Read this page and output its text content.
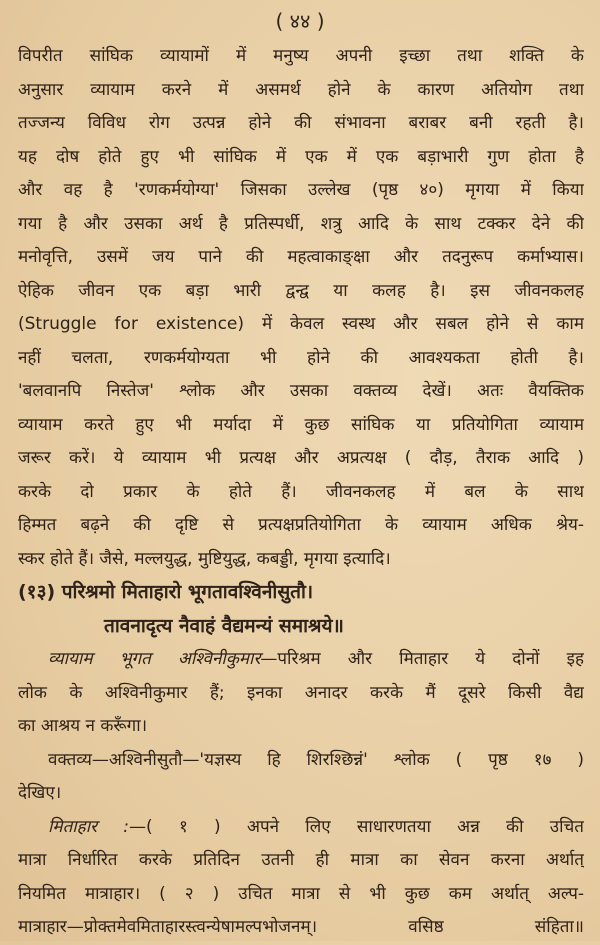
( ४४ )
विपरीत सांघिक व्यायामों में मनुष्य अपनी इच्छा तथा शक्ति के
अनुसार व्यायाम करने में असमर्थ होने के कारण अतियोग तथा
तज्जन्य विविध रोग उत्पन्न होने की संभावना बराबर बनी रहती है।
यह दोष होते हुए भी सांघिक में एक में एक बड़ाभारी गुण होता है
और वह है 'रणकर्मयोग्या' जिसका उल्लेख (पृष्ठ ४०) मृगया में किया
गया है और उसका अर्थ है प्रतिस्पर्धी, शत्रु आदि के साथ टक्कर देने की
मनोवृत्ति, उसमें जय पाने की महत्वाकाङ्क्षा और तदनुरूप कर्माभ्यास।
ऐहिक जीवन एक बड़ा भारी द्वन्द्व या कलह है। इस जीवनकलह
(Struggle for existence) में केवल स्वस्थ और सबल होने से काम
नहीं चलता, रणकर्मयोग्यता भी होने की आवश्यकता होती है।
'बलवानपि निस्तेज' श्लोक और उसका वक्तव्य देखें। अतः वैयक्तिक
व्यायाम करते हुए भी मर्यादा में कुछ सांघिक या प्रतियोगिता व्यायाम
जरूर करें। ये व्यायाम भी प्रत्यक्ष और अप्रत्यक्ष ( दौड़, तैराक आदि )
करके दो प्रकार के होते हैं। जीवनकलह में बल के साथ
हिम्मत बढ़ने की दृष्टि से प्रत्यक्षप्रतियोगिता के व्यायाम अधिक श्रेय-
स्कर होते हैं। जैसे, मल्लयुद्ध, मुष्टियुद्ध, कबड्डी, मृगया इत्यादि।
(१३) परिश्रमो मिताहारो भूगतावश्विनीसुतौ।
तावनादृत्य नैवाहं वैद्यमन्यं समाश्रये॥
व्यायाम भूगत अश्विनीकुमार—परिश्रम और मिताहार ये दोनों इह
लोक के अश्विनीकुमार हैं; इनका अनादर करके मैं दूसरे किसी वैद्य
का आश्रय न करूँगा।
वक्तव्य—अश्विनीसुतौ—'यज्ञस्य हि शिरश्छिन्नं' श्लोक ( पृष्ठ १७ )
देखिए।
मिताहार :—( १ ) अपने लिए साधारणतया अन्न की उचित
मात्रा निर्धारित करके प्रतिदिन उतनी ही मात्रा का सेवन करना अर्थात्
नियमित मात्राहार। ( २ ) उचित मात्रा से भी कुछ कम अर्थात् अल्प-
मात्राहार—प्रोक्तमेवमिताहारस्त्वन्येषामल्पभोजनम्। वसिष्ठ संहिता॥
